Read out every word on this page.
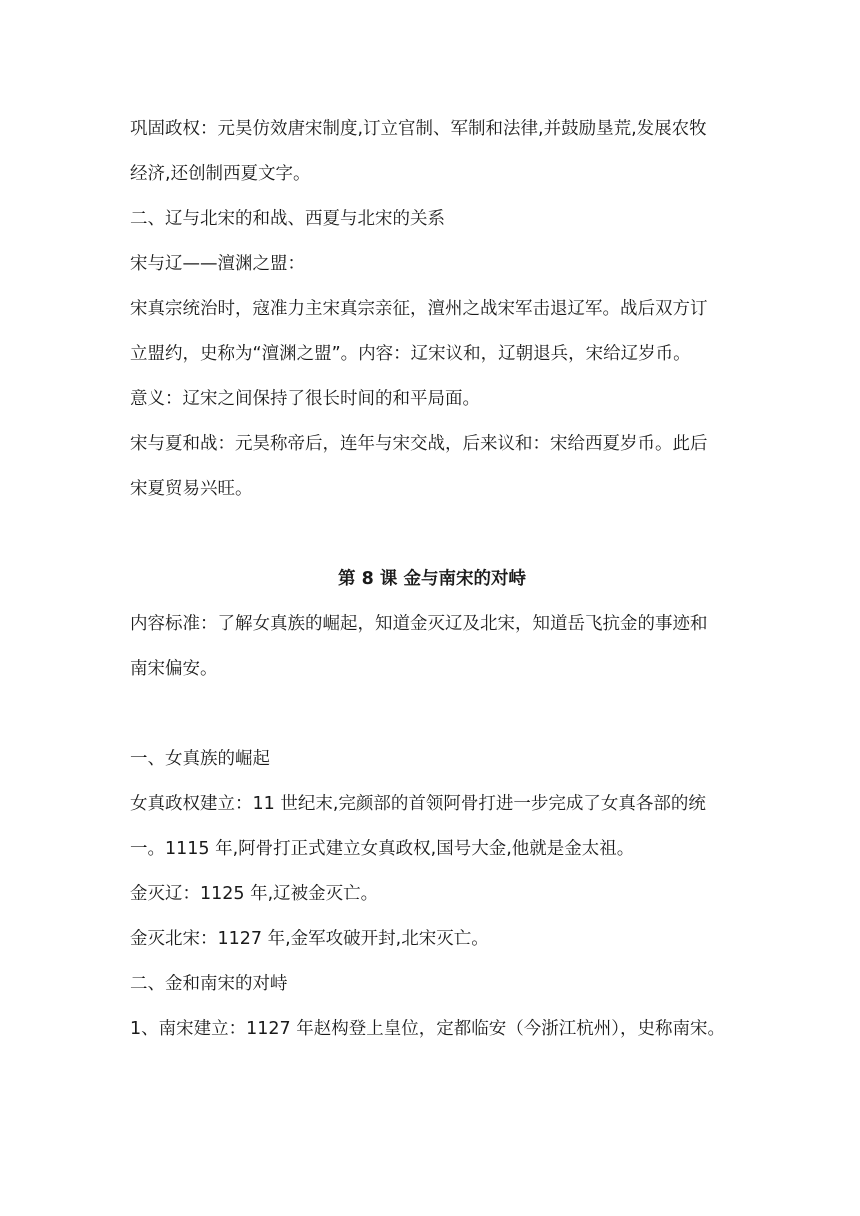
巩固政权：元昊仿效唐宋制度,订立官制、军制和法律,并鼓励垦荒,发展农牧
经济,还创制西夏文字。
二、辽与北宋的和战、西夏与北宋的关系
宋与辽——澶渊之盟：
宋真宗统治时，寇准力主宋真宗亲征，澶州之战宋军击退辽军。战后双方订
立盟约，史称为“澶渊之盟”。内容：辽宋议和，辽朝退兵，宋给辽岁币。
意义：辽宋之间保持了很长时间的和平局面。
宋与夏和战：元昊称帝后，连年与宋交战，后来议和：宋给西夏岁币。此后
宋夏贸易兴旺。
第 8 课 金与南宋的对峙
内容标准：了解女真族的崛起，知道金灭辽及北宋，知道岳飞抗金的事迹和
南宋偏安。
一、女真族的崛起
女真政权建立：11 世纪末,完颜部的首领阿骨打进一步完成了女真各部的统
一。1115 年,阿骨打正式建立女真政权,国号大金,他就是金太祖。
金灭辽：1125 年,辽被金灭亡。
金灭北宋：1127 年,金军攻破开封,北宋灭亡。
二、金和南宋的对峙
1、南宋建立：1127 年赵构登上皇位，定都临安（今浙江杭州），史称南宋。
